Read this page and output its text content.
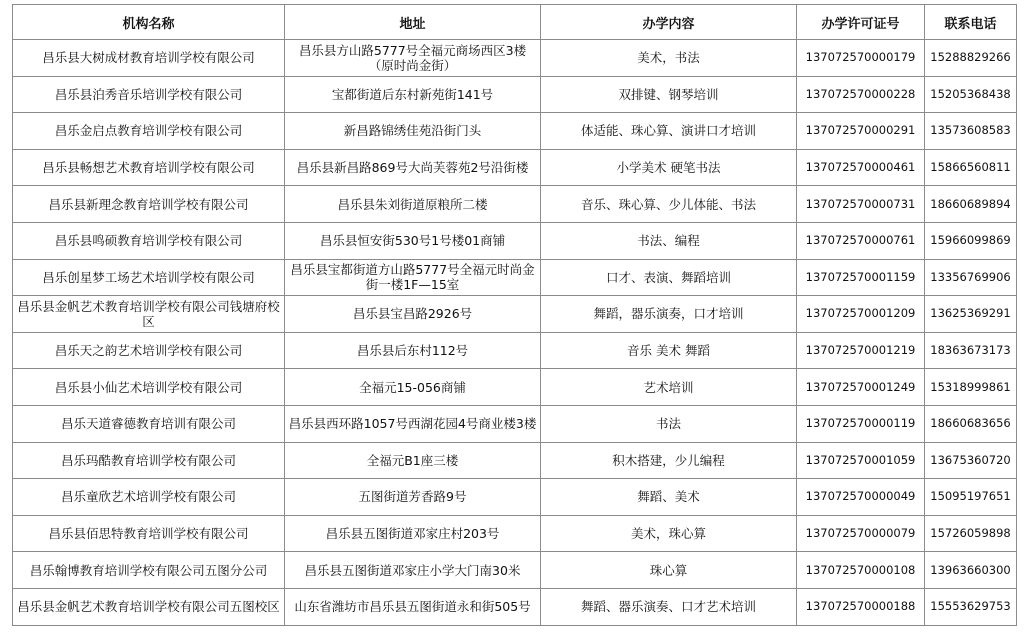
机构名称	地址	办学内容	办学许可证号	联系电话
昌乐县大树成材教育培训学校有限公司	昌乐县方山路5777号全福元商场西区3楼（原时尚金街）	美术，书法	137072570000179	15288829266
昌乐县泊秀音乐培训学校有限公司	宝都街道后东村新苑街141号	双排键、钢琴培训	137072570000228	15205368438
昌乐金启点教育培训学校有限公司	新昌路锦绣佳苑沿街门头	体适能、珠心算、演讲口才培训	137072570000291	13573608583
昌乐县畅想艺术教育培训学校有限公司	昌乐县新昌路869号大尚芙蓉苑2号沿街楼	小学美术 硬笔书法	137072570000461	15866560811
昌乐县新理念教育培训学校有限公司	昌乐县朱刘街道原粮所二楼	音乐、珠心算、少儿体能、书法	137072570000731	18660689894
昌乐县鸣硕教育培训学校有限公司	昌乐县恒安街530号1号楼01商铺	书法、编程	137072570000761	15966099869
昌乐创星梦工场艺术培训学校有限公司	昌乐县宝都街道方山路5777号全福元时尚金街一楼1F—15室	口才、表演、舞蹈培训	137072570001159	13356769906
昌乐县金帆艺术教育培训学校有限公司钱塘府校区	昌乐县宝昌路2926号	舞蹈，器乐演奏，口才培训	137072570001209	13625369291
昌乐天之韵艺术培训学校有限公司	昌乐县后东村112号	音乐 美术 舞蹈	137072570001219	18363673173
昌乐县小仙艺术培训学校有限公司	全福元15-056商铺	艺术培训	137072570001249	15318999861
昌乐天道睿德教育培训有限公司	昌乐县西环路1057号西湖花园4号商业楼3楼	书法	137072570000119	18660683656
昌乐玛酷教育培训学校有限公司	全福元B1座三楼	积木搭建，少儿编程	137072570001059	13675360720
昌乐童欣艺术培训学校有限公司	五图街道芳香路9号	舞蹈、美术	137072570000049	15095197651
昌乐县佰思特教育培训学校有限公司	昌乐县五图街道邓家庄村203号	美术，珠心算	137072570000079	15726059898
昌乐翰博教育培训学校有限公司五图分公司	昌乐县五图街道邓家庄小学大门南30米	珠心算	137072570000108	13963660300
昌乐县金帆艺术教育培训学校有限公司五图校区	山东省潍坊市昌乐县五图街道永和街505号	舞蹈、器乐演奏、口才艺术培训	137072570000188	15553629753
